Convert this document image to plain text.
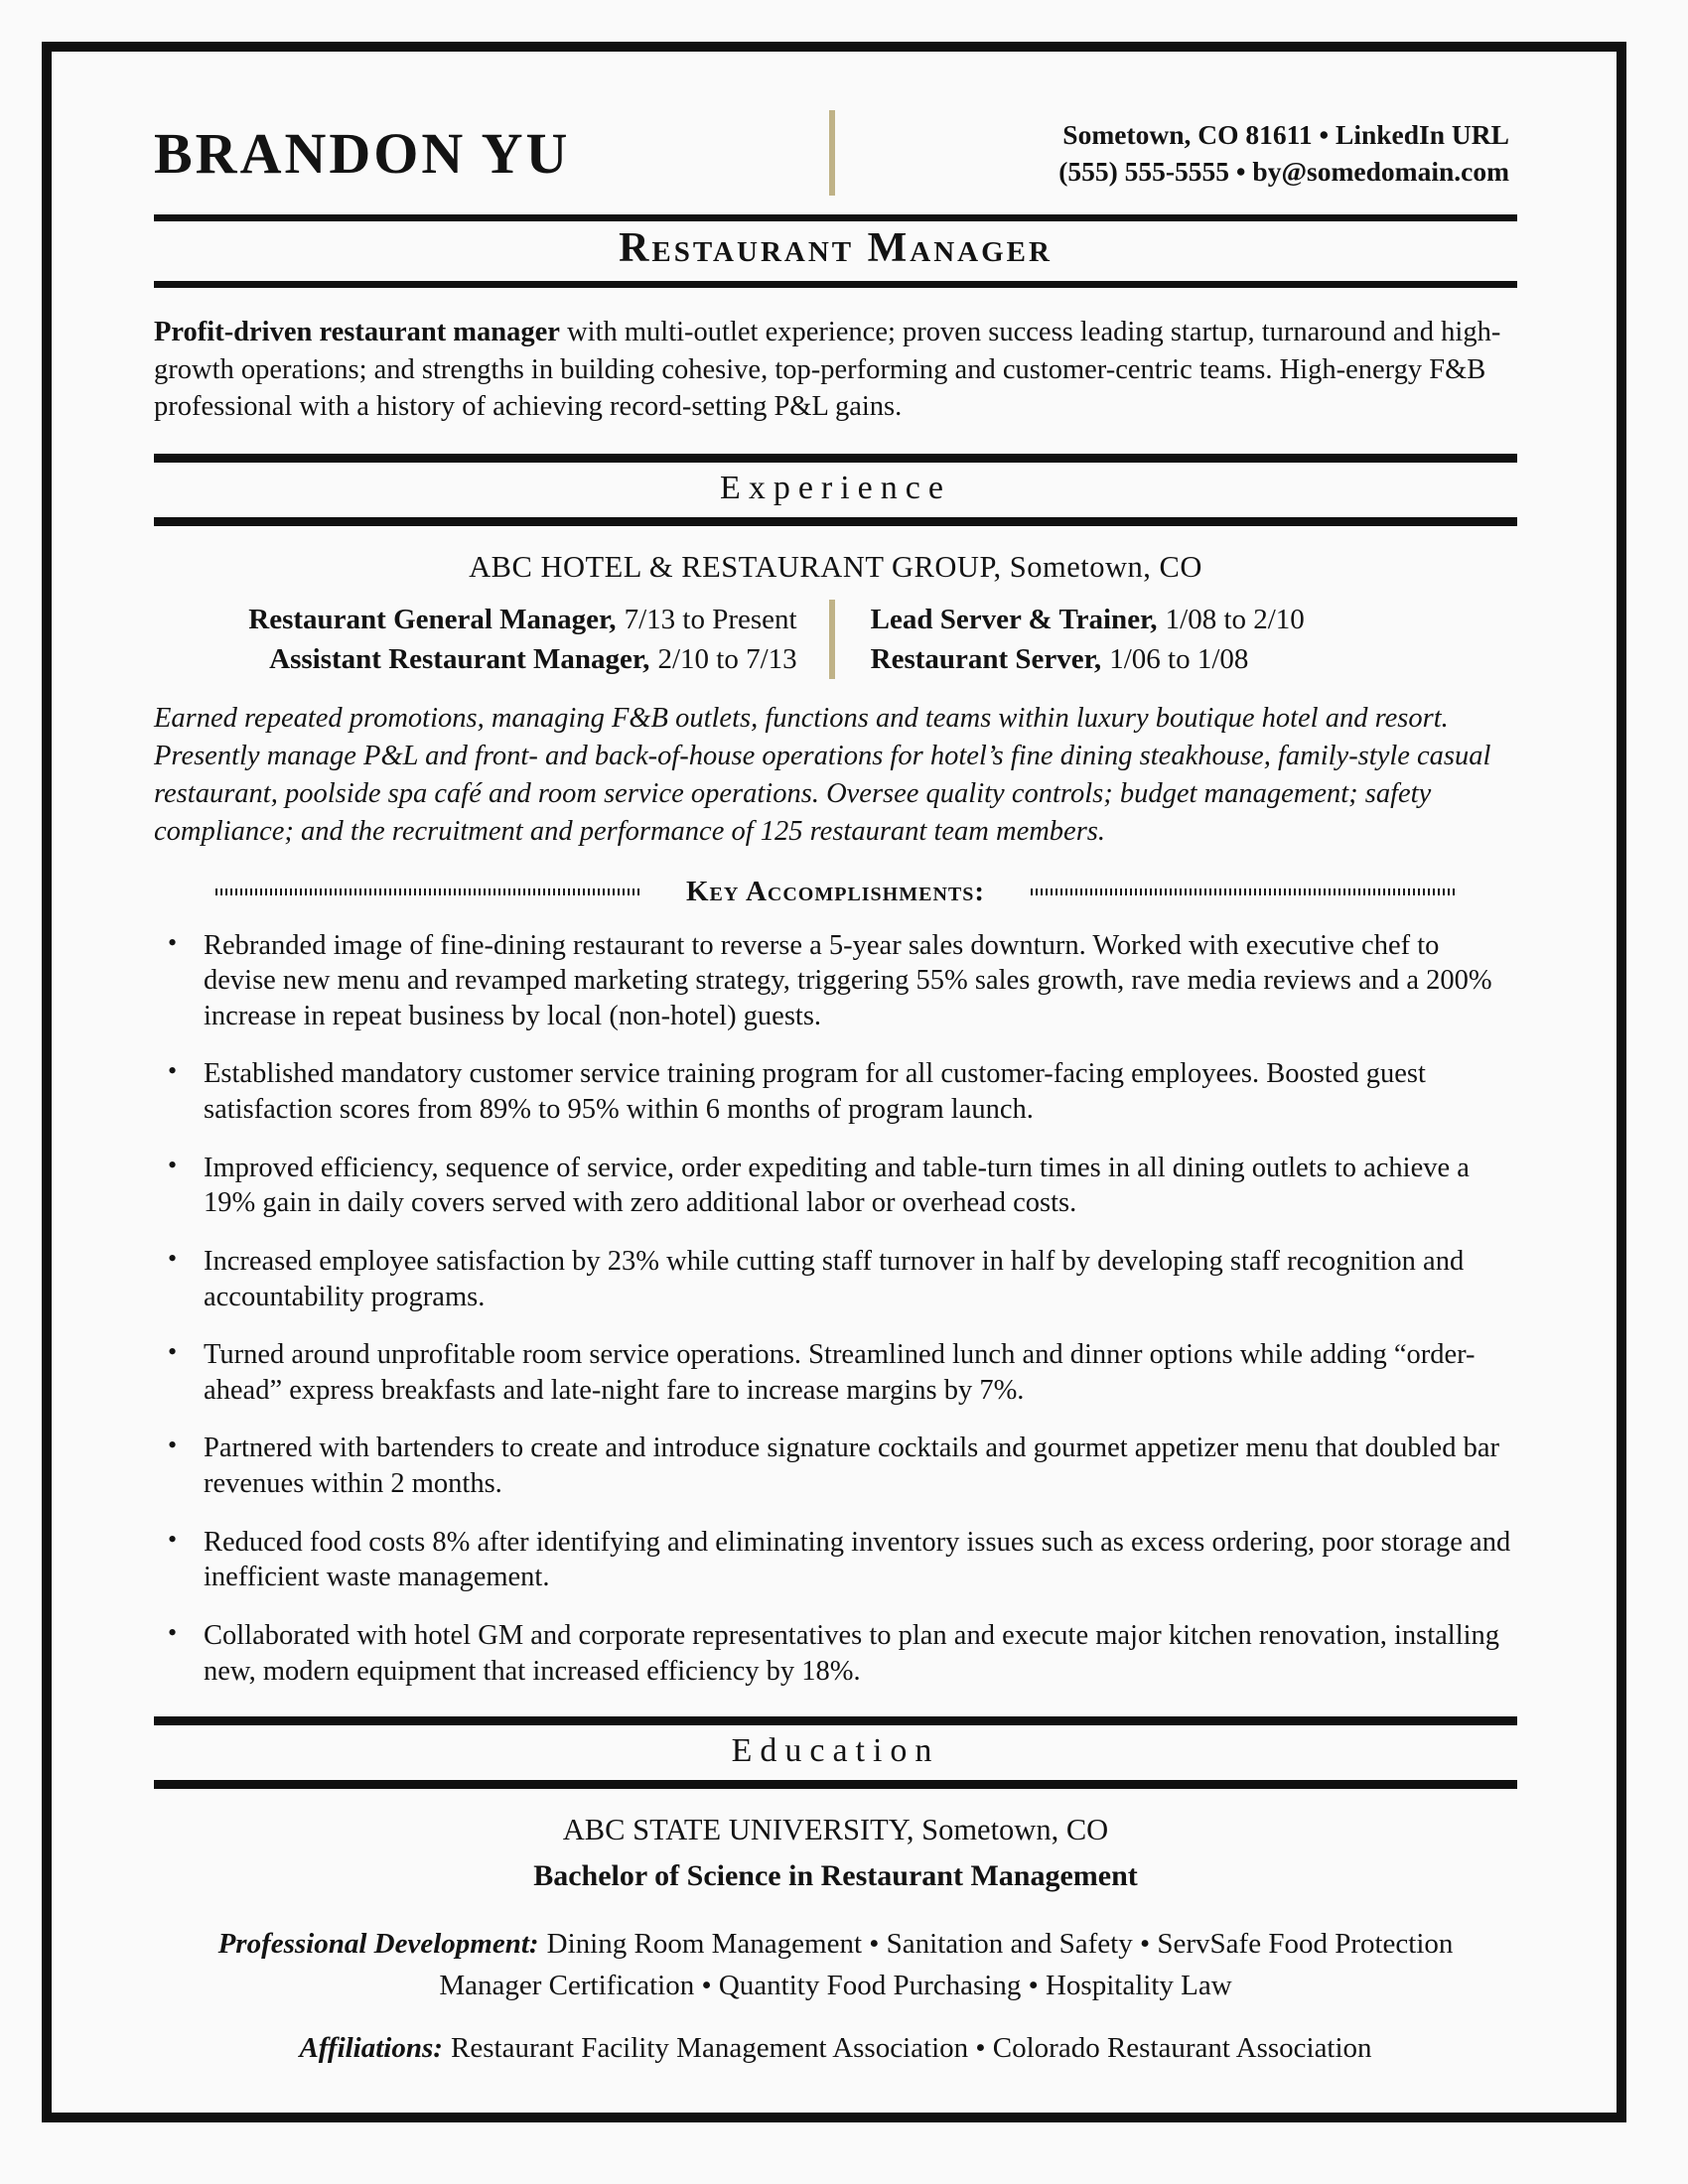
BRANDON YU	Sometown, CO 81611 • LinkedIn URL
(555) 555-5555 • by@somedomain.com
Restaurant Manager

Profit-driven restaurant manager with multi-outlet experience; proven success leading startup, turnaround and high-growth operations; and strengths in building cohesive, top-performing and customer-centric teams. High-energy F&B professional with a history of achieving record-setting P&L gains.

Experience
ABC HOTEL & RESTAURANT GROUP, Sometown, CO
Restaurant General Manager, 7/13 to Present
Assistant Restaurant Manager, 2/10 to 7/13
Lead Server & Trainer, 1/08 to 2/10
Restaurant Server, 1/06 to 1/08

Earned repeated promotions, managing F&B outlets, functions and teams within luxury boutique hotel and resort. Presently manage P&L and front- and back-of-house operations for hotel’s fine dining steakhouse, family-style casual restaurant, poolside spa café and room service operations. Oversee quality controls; budget management; safety compliance; and the recruitment and performance of 125 restaurant team members.

Key Accomplishments:
• Rebranded image of fine-dining restaurant to reverse a 5-year sales downturn. Worked with executive chef to devise new menu and revamped marketing strategy, triggering 55% sales growth, rave media reviews and a 200% increase in repeat business by local (non-hotel) guests.
• Established mandatory customer service training program for all customer-facing employees. Boosted guest satisfaction scores from 89% to 95% within 6 months of program launch.
• Improved efficiency, sequence of service, order expediting and table-turn times in all dining outlets to achieve a 19% gain in daily covers served with zero additional labor or overhead costs.
• Increased employee satisfaction by 23% while cutting staff turnover in half by developing staff recognition and accountability programs.
• Turned around unprofitable room service operations. Streamlined lunch and dinner options while adding “order-ahead” express breakfasts and late-night fare to increase margins by 7%.
• Partnered with bartenders to create and introduce signature cocktails and gourmet appetizer menu that doubled bar revenues within 2 months.
• Reduced food costs 8% after identifying and eliminating inventory issues such as excess ordering, poor storage and inefficient waste management.
• Collaborated with hotel GM and corporate representatives to plan and execute major kitchen renovation, installing new, modern equipment that increased efficiency by 18%.
Education
ABC STATE UNIVERSITY, Sometown, CO
Bachelor of Science in Restaurant Management

Professional Development: Dining Room Management • Sanitation and Safety • ServSafe Food Protection Manager Certification • Quantity Food Purchasing • Hospitality Law

Affiliations: Restaurant Facility Management Association • Colorado Restaurant Association
